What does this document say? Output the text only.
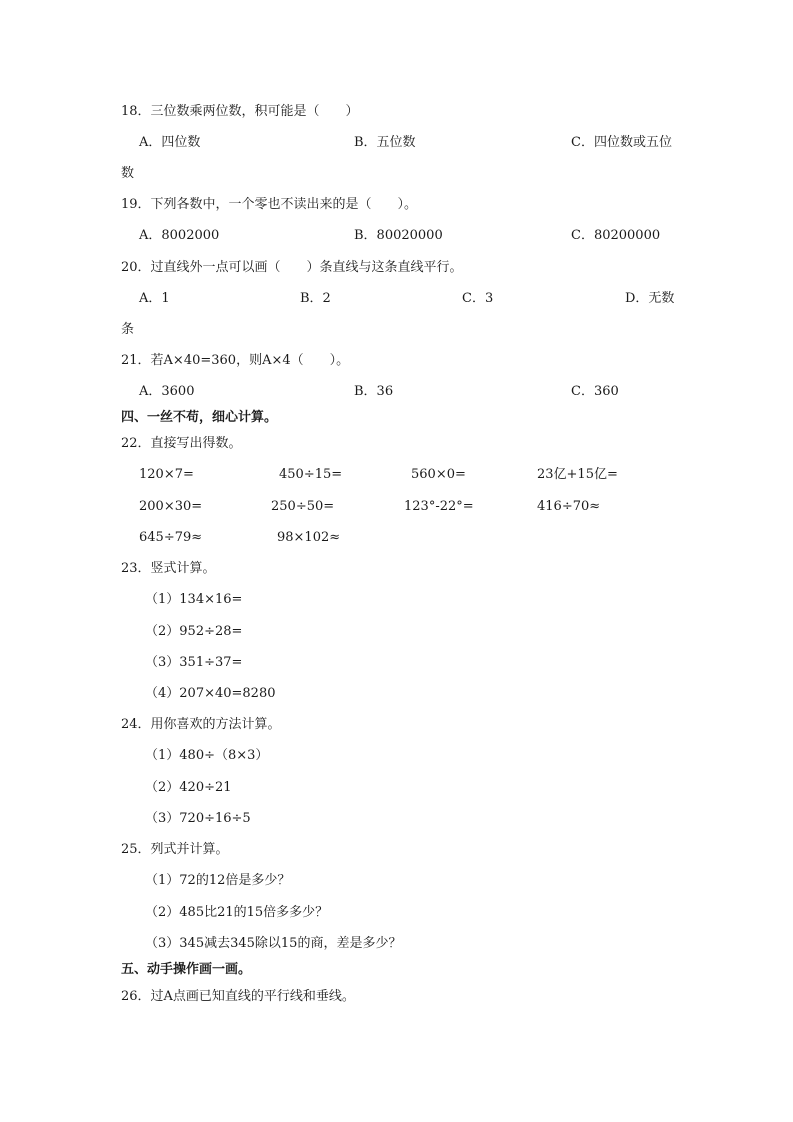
18．三位数乘两位数，积可能是（　　）
A．四位数	B．五位数	C．四位数或五位
数
19．下列各数中，一个零也不读出来的是（　　）。
A．8002000	B．80020000	C．80200000
20．过直线外一点可以画（　　）条直线与这条直线平行。
A．1	B．2	C．3	D．无数
条
21．若A×40=360，则A×4（　　）。
A．3600	B．36	C．360
四、一丝不苟，细心计算。
22．直接写出得数。
120×7=	450÷15=	560×0=	23亿+15亿=
200×30=	250÷50=	123°-22°=	416÷70≈
645÷79≈	98×102≈
23．竖式计算。
（1）134×16=
（2）952÷28=
（3）351÷37=
（4）207×40=8280
24．用你喜欢的方法计算。
（1）480÷（8×3）
（2）420÷21
（3）720÷16÷5
25．列式并计算。
（1）72的12倍是多少？
（2）485比21的15倍多多少？
（3）345减去345除以15的商，差是多少？
五、动手操作画一画。
26．过A点画已知直线的平行线和垂线。
